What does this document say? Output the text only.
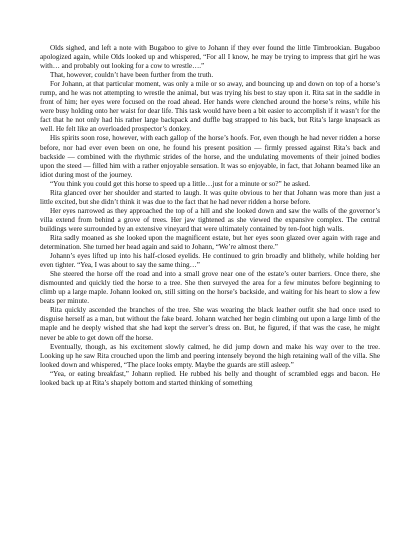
Olds sighed, and left a note with Bugaboo to give to Johann if they ever found the little Timbrookian. Bugaboo apologized again, while Olds looked up and whispered, “For all I know, he may be trying to impress that girl he was with… and probably out looking for a cow to wrestle….”

That, however, couldn’t have been further from the truth.

For Johann, at that particular moment, was only a mile or so away, and bouncing up and down on top of a horse’s rump, and he was not attempting to wrestle the animal, but was trying his best to stay upon it. Rita sat in the saddle in front of him; her eyes were focused on the road ahead. Her hands were clenched around the horse’s reins, while his were busy holding onto her waist for dear life. This task would have been a bit easier to accomplish if it wasn’t for the fact that he not only had his rather large backpack and duffle bag strapped to his back, but Rita’s large knapsack as well. He felt like an overloaded prospector’s donkey.

His spirits soon rose, however, with each gallop of the horse’s hoofs. For, even though he had never ridden a horse before, nor had ever even been on one, he found his present position — firmly pressed against Rita’s back and backside — combined with the rhythmic strides of the horse, and the undulating movements of their joined bodies upon the steed — filled him with a rather enjoyable sensation. It was so enjoyable, in fact, that Johann beamed like an idiot during most of the journey.

“You think you could get this horse to speed up a little…just for a minute or so?” he asked.

Rita glanced over her shoulder and started to laugh. It was quite obvious to her that Johann was more than just a little excited, but she didn’t think it was due to the fact that he had never ridden a horse before.

Her eyes narrowed as they approached the top of a hill and she looked down and saw the walls of the governor’s villa extend from behind a grove of trees. Her jaw tightened as she viewed the expansive complex. The central buildings were surrounded by an extensive vineyard that were ultimately contained by ten-foot high walls.

Rita sadly moaned as she looked upon the magnificent estate, but her eyes soon glazed over again with rage and determination. She turned her head again and said to Johann, “We’re almost there.”

Johann’s eyes lifted up into his half-closed eyelids. He continued to grin broadly and blithely, while holding her even tighter. “Yea, I was about to say the same thing…”

She steered the horse off the road and into a small grove near one of the estate’s outer barriers. Once there, she dismounted and quickly tied the horse to a tree. She then surveyed the area for a few minutes before beginning to climb up a large maple. Johann looked on, still sitting on the horse’s backside, and waiting for his heart to slow a few beats per minute.

Rita quickly ascended the branches of the tree. She was wearing the black leather outfit she had once used to disguise herself as a man, but without the fake beard. Johann watched her begin climbing out upon a large limb of the maple and he deeply wished that she had kept the server’s dress on. But, he figured, if that was the case, he might never be able to get down off the horse.

Eventually, though, as his excitement slowly calmed, he did jump down and make his way over to the tree. Looking up he saw Rita crouched upon the limb and peering intensely beyond the high retaining wall of the villa. She looked down and whispered, “The place looks empty. Maybe the guards are still asleep.”

“Yea, or eating breakfast,” Johann replied. He rubbed his belly and thought of scrambled eggs and bacon. He looked back up at Rita’s shapely bottom and started thinking of something
